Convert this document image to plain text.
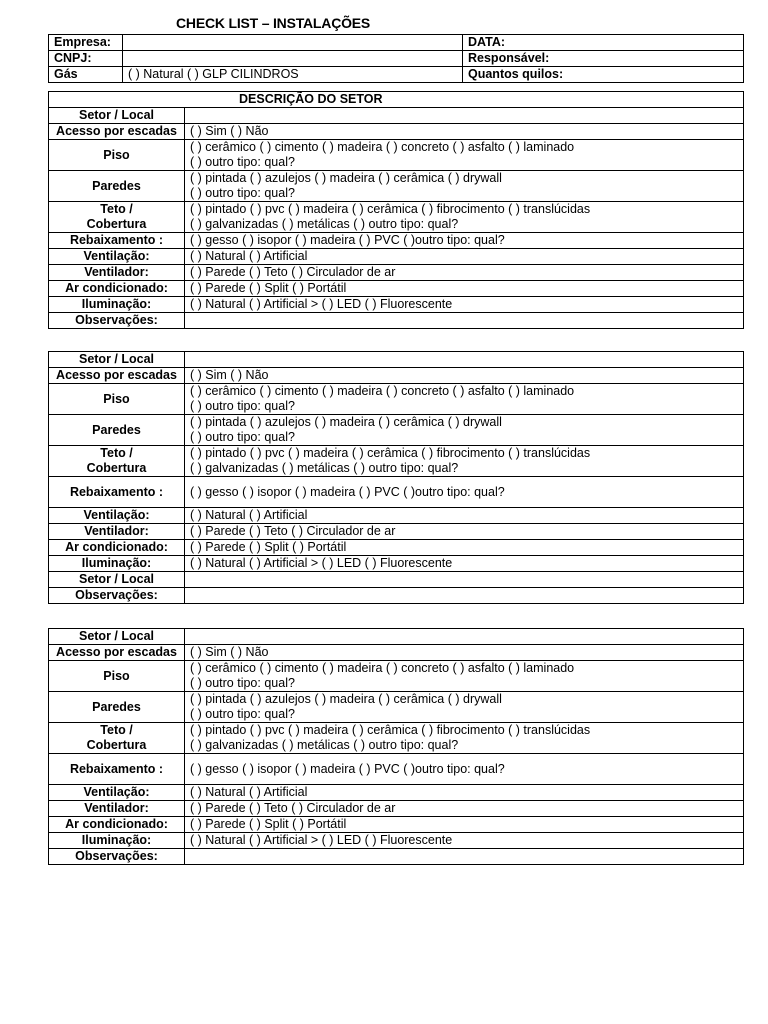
CHECK LIST – INSTALAÇÕES
Empresa:		DATA:
CNPJ:		Responsável:
Gás	( ) Natural ( ) GLP CILINDROS	Quantos quilos:
DESCRIÇÃO DO SETOR	
Setor / Local	
Acesso por escadas	( ) Sim ( ) Não
Piso	( ) cerâmico ( ) cimento ( ) madeira ( ) concreto ( ) asfalto ( ) laminado
( ) outro tipo: qual?

Paredes	( ) pintada ( ) azulejos ( ) madeira ( ) cerâmica ( ) drywall
( ) outro tipo: qual?

Teto /
Cobertura	( ) pintado ( ) pvc ( ) madeira ( ) cerâmica ( ) fibrocimento ( ) translúcidas
( ) galvanizadas ( ) metálicas ( ) outro tipo: qual?

Rebaixamento :	( ) gesso ( ) isopor ( ) madeira ( ) PVC ( )outro tipo: qual?
Ventilação:	( ) Natural ( ) Artificial
Ventilador:	( ) Parede ( ) Teto ( ) Circulador de ar
Ar condicionado:	( ) Parede ( ) Split ( ) Portátil
Iluminação:	( ) Natural ( ) Artificial > ( ) LED ( ) Fluorescente
Observações:	
Setor / Local	
Acesso por escadas	( ) Sim ( ) Não
Piso	( ) cerâmico ( ) cimento ( ) madeira ( ) concreto ( ) asfalto ( ) laminado
( ) outro tipo: qual?

Paredes	( ) pintada ( ) azulejos ( ) madeira ( ) cerâmica ( ) drywall
( ) outro tipo: qual?

Teto /
Cobertura	( ) pintado ( ) pvc ( ) madeira ( ) cerâmica ( ) fibrocimento ( ) translúcidas
( ) galvanizadas ( ) metálicas ( ) outro tipo: qual?

Rebaixamento :	( ) gesso ( ) isopor ( ) madeira ( ) PVC ( )outro tipo: qual?
Ventilação:	( ) Natural ( ) Artificial
Ventilador:	( ) Parede ( ) Teto ( ) Circulador de ar
Ar condicionado:	( ) Parede ( ) Split ( ) Portátil
Iluminação:	( ) Natural ( ) Artificial > ( ) LED ( ) Fluorescente
Setor / Local	
Observações:	
Setor / Local	
Acesso por escadas	( ) Sim ( ) Não
Piso	( ) cerâmico ( ) cimento ( ) madeira ( ) concreto ( ) asfalto ( ) laminado
( ) outro tipo: qual?

Paredes	( ) pintada ( ) azulejos ( ) madeira ( ) cerâmica ( ) drywall
( ) outro tipo: qual?

Teto /
Cobertura	( ) pintado ( ) pvc ( ) madeira ( ) cerâmica ( ) fibrocimento ( ) translúcidas
( ) galvanizadas ( ) metálicas ( ) outro tipo: qual?

Rebaixamento :	( ) gesso ( ) isopor ( ) madeira ( ) PVC ( )outro tipo: qual?
Ventilação:	( ) Natural ( ) Artificial
Ventilador:	( ) Parede ( ) Teto ( ) Circulador de ar
Ar condicionado:	( ) Parede ( ) Split ( ) Portátil
Iluminação:	( ) Natural ( ) Artificial > ( ) LED ( ) Fluorescente
Observações:	
